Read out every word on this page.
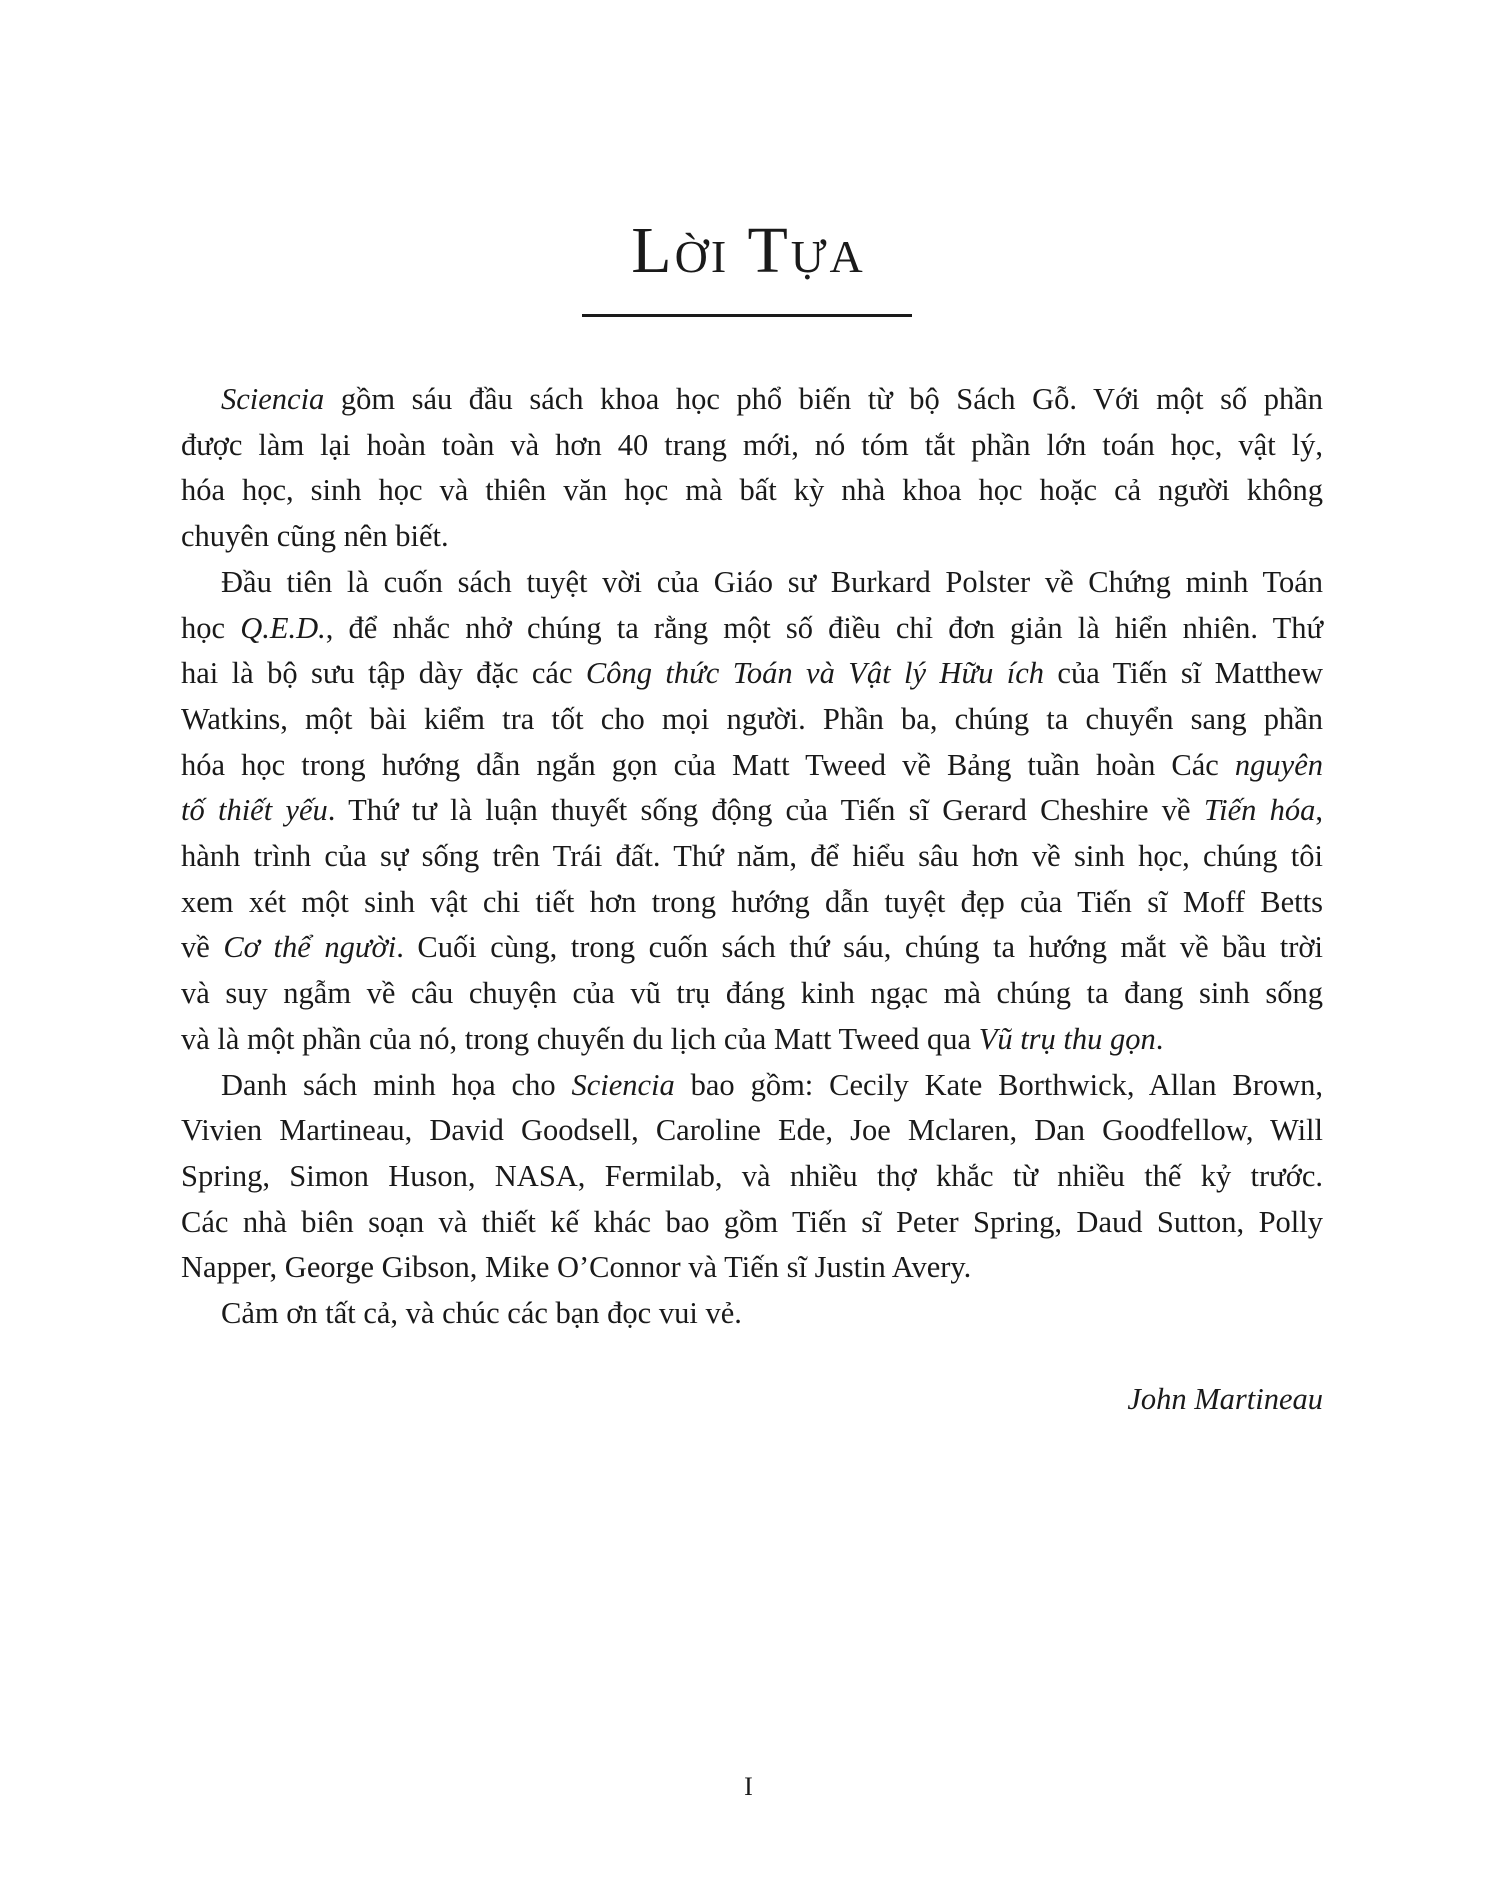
Lời Tựa
Sciencia gồm sáu đầu sách khoa học phổ biến từ bộ Sách Gỗ. Với một số phần
được làm lại hoàn toàn và hơn 40 trang mới, nó tóm tắt phần lớn toán học, vật lý,
hóa học, sinh học và thiên văn học mà bất kỳ nhà khoa học hoặc cả người không
chuyên cũng nên biết.
Đầu tiên là cuốn sách tuyệt vời của Giáo sư Burkard Polster về Chứng minh Toán
học Q.E.D., để nhắc nhở chúng ta rằng một số điều chỉ đơn giản là hiển nhiên. Thứ
hai là bộ sưu tập dày đặc các Công thức Toán và Vật lý Hữu ích của Tiến sĩ Matthew
Watkins, một bài kiểm tra tốt cho mọi người. Phần ba, chúng ta chuyển sang phần
hóa học trong hướng dẫn ngắn gọn của Matt Tweed về Bảng tuần hoàn Các nguyên
tố thiết yếu. Thứ tư là luận thuyết sống động của Tiến sĩ Gerard Cheshire về Tiến hóa,
hành trình của sự sống trên Trái đất. Thứ năm, để hiểu sâu hơn về sinh học, chúng tôi
xem xét một sinh vật chi tiết hơn trong hướng dẫn tuyệt đẹp của Tiến sĩ Moff Betts
về Cơ thể người. Cuối cùng, trong cuốn sách thứ sáu, chúng ta hướng mắt về bầu trời
và suy ngẫm về câu chuyện của vũ trụ đáng kinh ngạc mà chúng ta đang sinh sống
và là một phần của nó, trong chuyến du lịch của Matt Tweed qua Vũ trụ thu gọn.
Danh sách minh họa cho Sciencia bao gồm: Cecily Kate Borthwick, Allan Brown,
Vivien Martineau, David Goodsell, Caroline Ede, Joe Mclaren, Dan Goodfellow, Will
Spring, Simon Huson, NASA, Fermilab, và nhiều thợ khắc từ nhiều thế kỷ trước.
Các nhà biên soạn và thiết kế khác bao gồm Tiến sĩ Peter Spring, Daud Sutton, Polly
Napper, George Gibson, Mike O’Connor và Tiến sĩ Justin Avery.
Cảm ơn tất cả, và chúc các bạn đọc vui vẻ.

John Martineau

I
